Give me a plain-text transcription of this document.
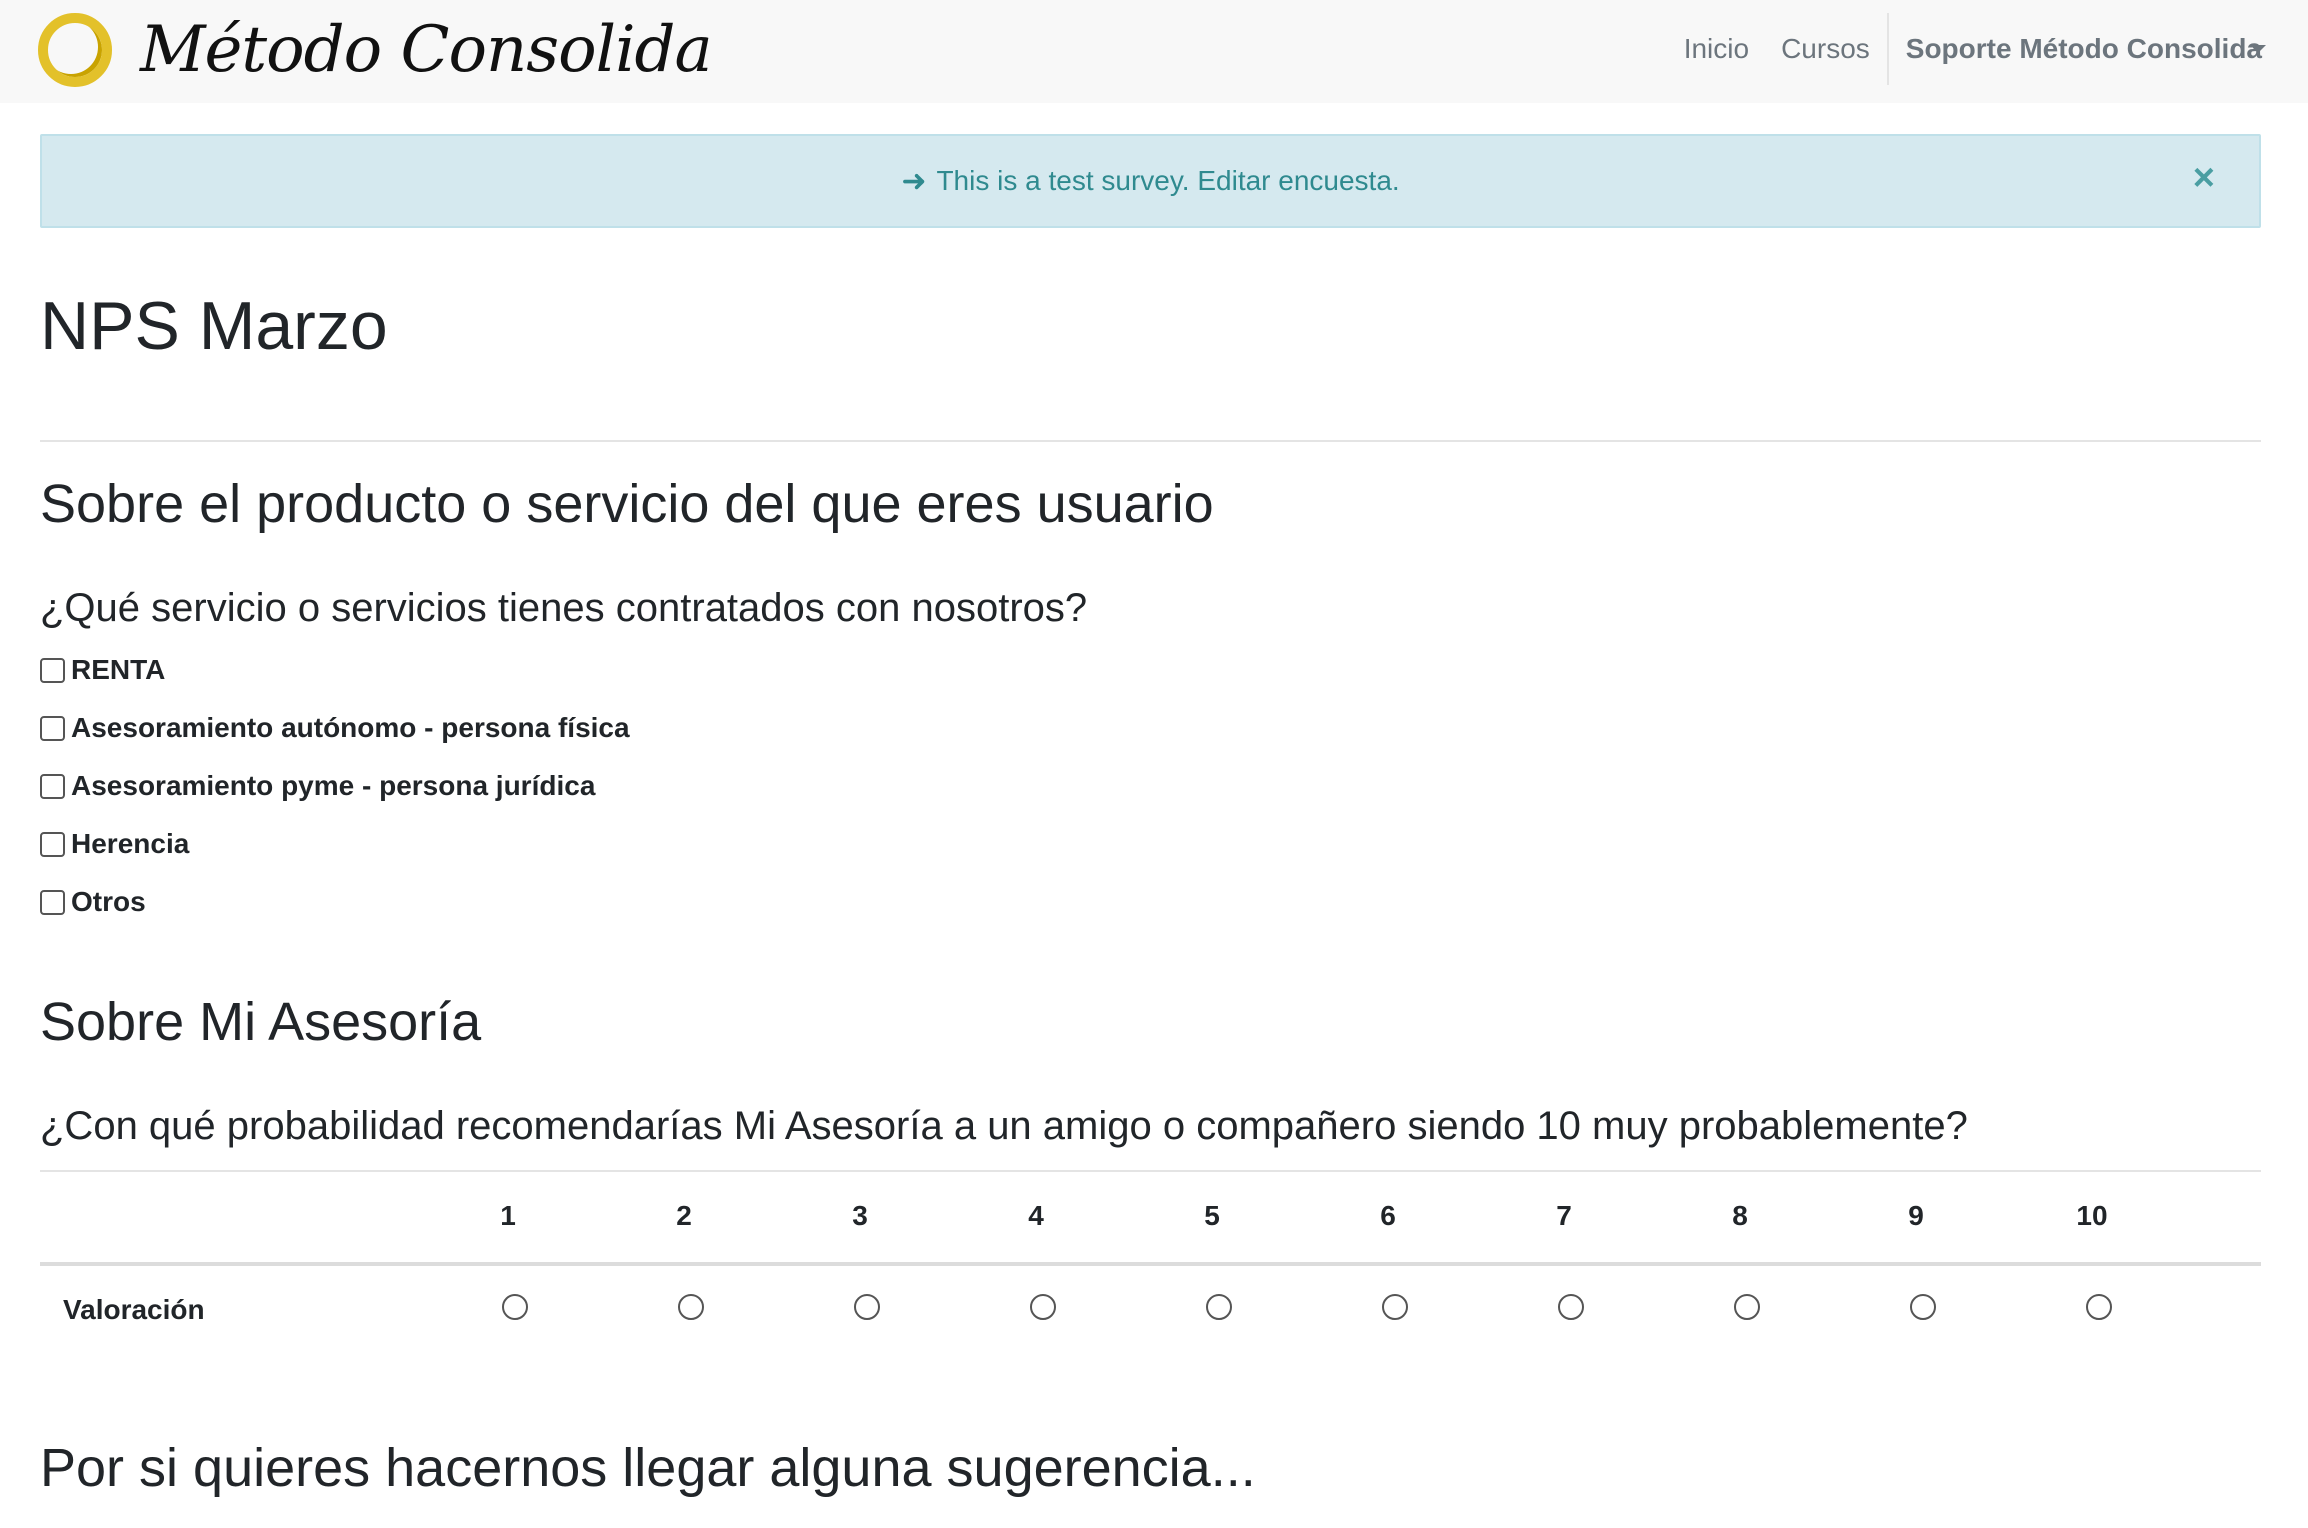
Método Consolida	Inicio	Cursos	Soporte Método Consolida
➜ This is a test survey.
Editar encuesta.	×
NPS Marzo
Sobre el producto o servicio del que eres usuario
¿Qué servicio o servicios tienes contratados con nosotros?
RENTA
Asesoramiento autónomo - persona física
Asesoramiento pyme - persona jurídica
Herencia
Otros
Sobre Mi Asesoría
¿Con qué probabilidad recomendarías Mi Asesoría a un amigo o compañero siendo 10 muy probablemente?
1	2	3	4	5	6	7	8	9	10
Valoración
Por si quieres hacernos llegar alguna sugerencia...
